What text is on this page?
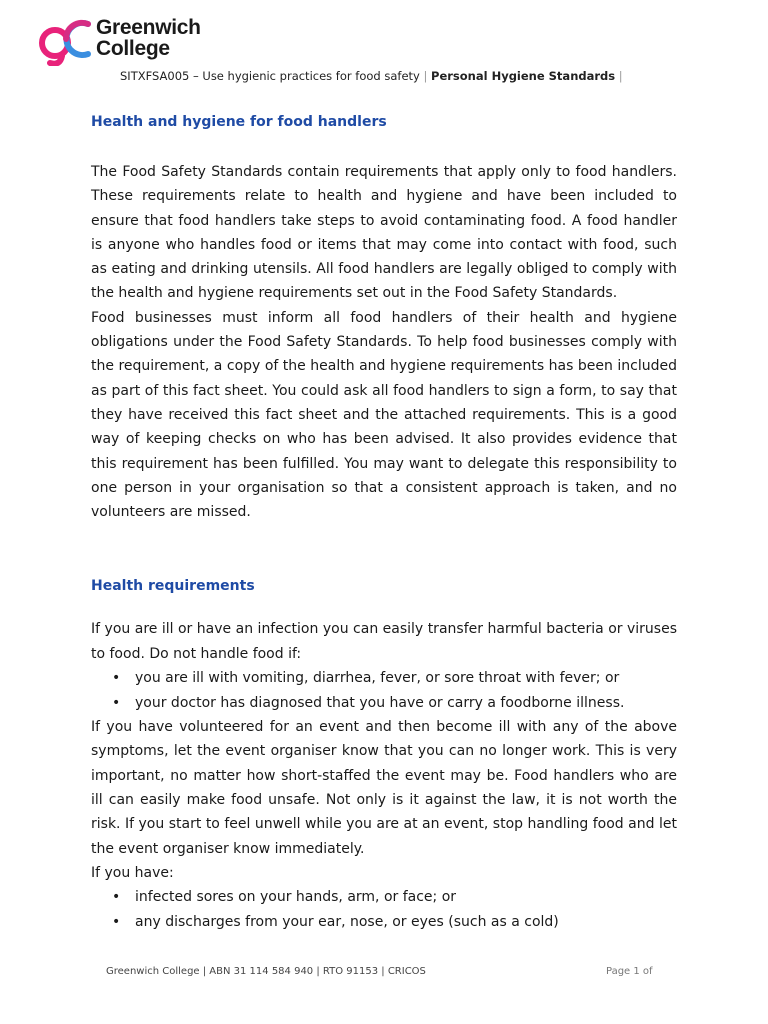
Greenwich
College
SITXFSA005 – Use hygienic practices for food safety | Personal Hygiene Standards |
Health and hygiene for food handlers

The Food Safety Standards contain requirements that apply only to food handlers. These requirements relate to health and hygiene and have been included to ensure that food handlers take steps to avoid contaminating food. A food handler is anyone who handles food or items that may come into contact with food, such as eating and drinking utensils. All food handlers are legally obliged to comply with the health and hygiene requirements set out in the Food Safety Standards.

Food businesses must inform all food handlers of their health and hygiene obligations under the Food Safety Standards. To help food businesses comply with the requirement, a copy of the health and hygiene requirements has been included as part of this fact sheet. You could ask all food handlers to sign a form, to say that they have received this fact sheet and the attached requirements. This is a good way of keeping checks on who has been advised. It also provides evidence that this requirement has been fulfilled. You may want to delegate this responsibility to one person in your organisation so that a consistent approach is taken, and no volunteers are missed.

Health requirements

If you are ill or have an infection you can easily transfer harmful bacteria or viruses to food. Do not handle food if:

• you are ill with vomiting, diarrhea, fever, or sore throat with fever; or
• your doctor has diagnosed that you have or carry a foodborne illness.

If you have volunteered for an event and then become ill with any of the above symptoms, let the event organiser know that you can no longer work. This is very important, no matter how short-staffed the event may be. Food handlers who are ill can easily make food unsafe. Not only is it against the law, it is not worth the risk. If you start to feel unwell while you are at an event, stop handling food and let the event organiser know immediately.

If you have:

• infected sores on your hands, arm, or face; or
• any discharges from your ear, nose, or eyes (such as a cold)
Greenwich College | ABN 31 114 584 940 | RTO 91153 | CRICOS	Page 1 of
